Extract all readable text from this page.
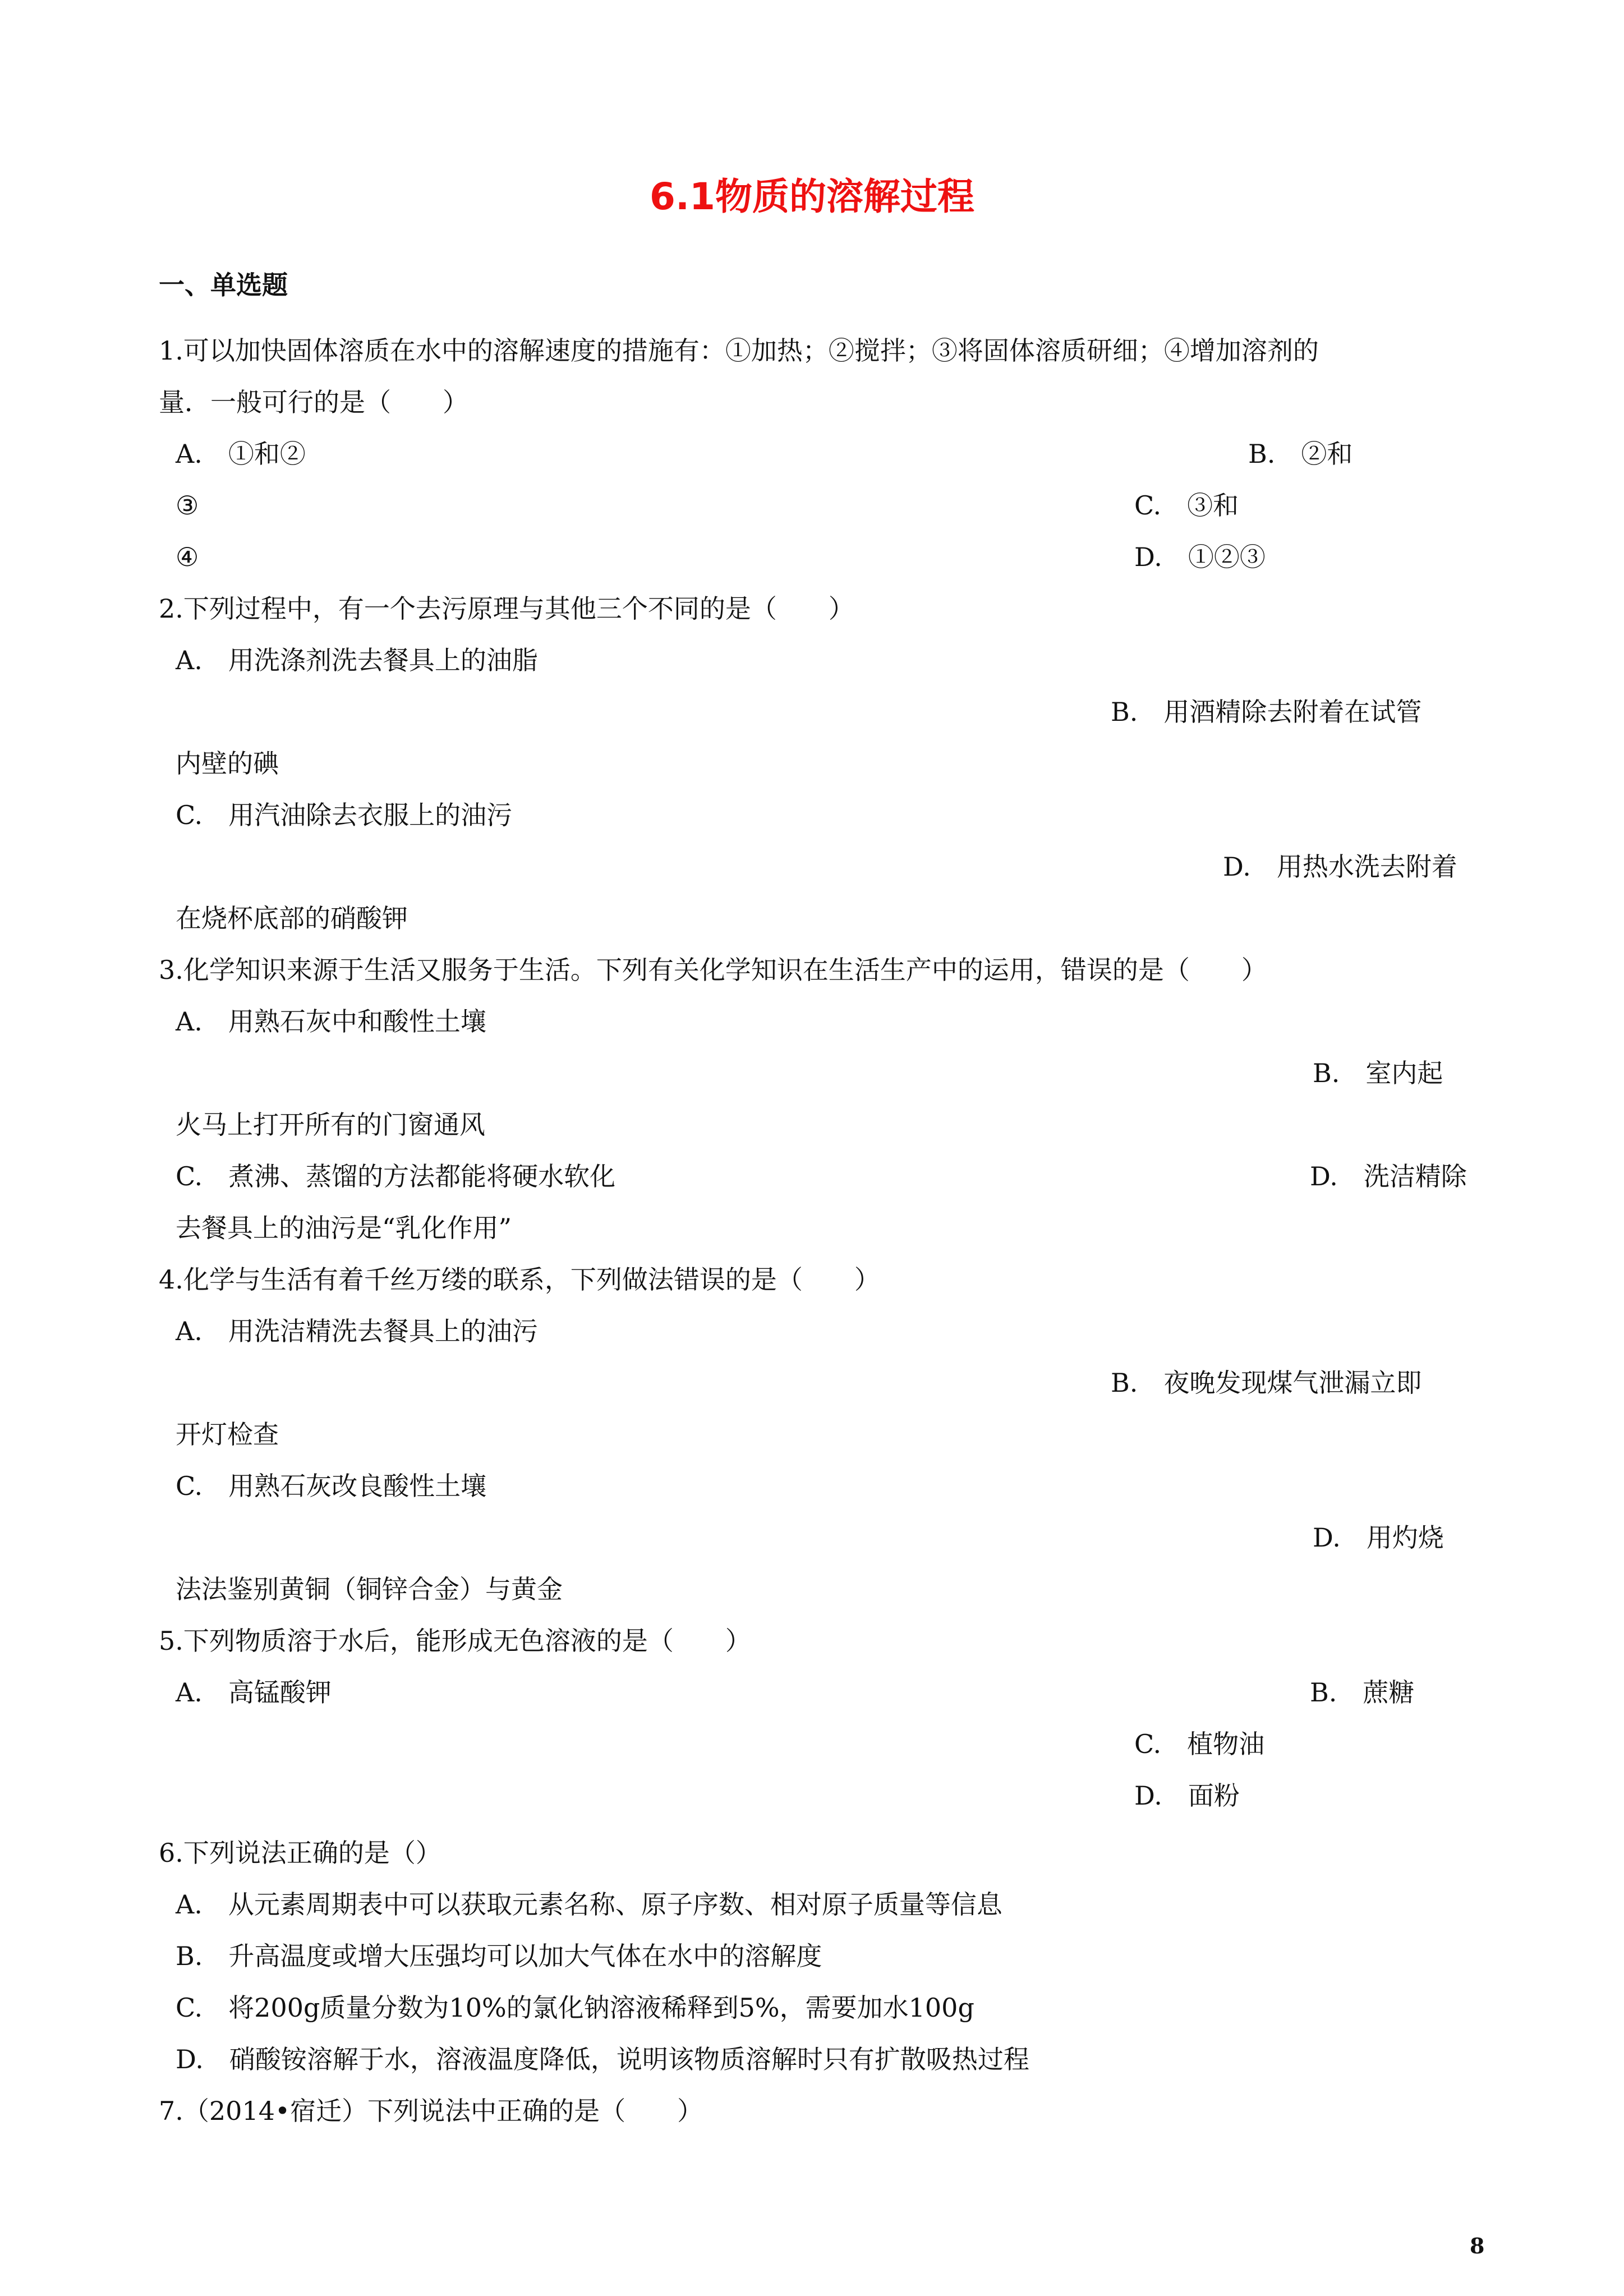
6.1物质的溶解过程
一、单选题
1.可以加快固体溶质在水中的溶解速度的措施有：①加热；②搅拌；③将固体溶质研细；④增加溶剂的
量．一般可行的是（　　）
A.　①和②	B.　②和
③	C.　③和
④	D.　①②③
2.下列过程中，有一个去污原理与其他三个不同的是（　　）
A.　用洗涤剂洗去餐具上的油脂
B.　用酒精除去附着在试管
内壁的碘
C.　用汽油除去衣服上的油污
D.　用热水洗去附着
在烧杯底部的硝酸钾
3.化学知识来源于生活又服务于生活。下列有关化学知识在生活生产中的运用，错误的是（　　）
A.　用熟石灰中和酸性土壤
B.　室内起
火马上打开所有的门窗通风
C.　煮沸、蒸馏的方法都能将硬水软化	D.　洗洁精除
去餐具上的油污是“乳化作用”
4.化学与生活有着千丝万缕的联系，下列做法错误的是（　　）
A.　用洗洁精洗去餐具上的油污
B.　夜晚发现煤气泄漏立即
开灯检查
C.　用熟石灰改良酸性土壤
D.　用灼烧
法法鉴别黄铜（铜锌合金）与黄金
5.下列物质溶于水后，能形成无色溶液的是（　　）
A.　高锰酸钾	B.　蔗糖
C.　植物油
D.　面粉
6.下列说法正确的是（）
A.　从元素周期表中可以获取元素名称、原子序数、相对原子质量等信息
B.　升高温度或增大压强均可以加大气体在水中的溶解度
C.　将200g质量分数为10%的氯化钠溶液稀释到5%，需要加水100g
D.　硝酸铵溶解于水，溶液温度降低，说明该物质溶解时只有扩散吸热过程
7.（2014•宿迁）下列说法中正确的是（　　）
8
